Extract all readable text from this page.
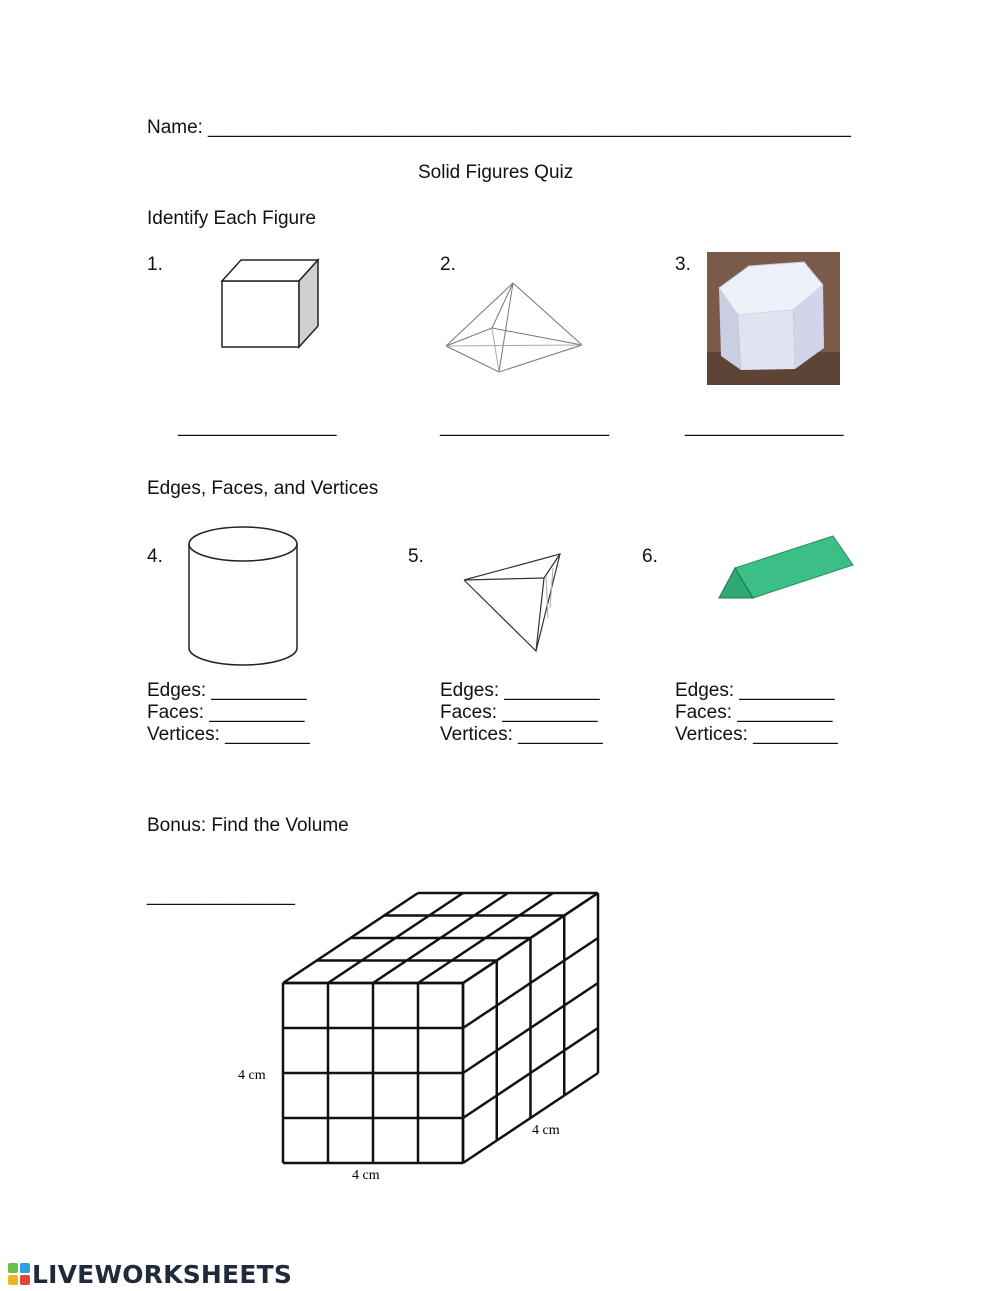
Name: ____________________________________________________________
Solid Figures Quiz
Identify Each Figure
1.	2.	3.
_______________	________________	_______________
Edges, Faces, and Vertices
4.	5.	6.
Edges: _________
Faces: _________
Vertices: ________
Edges: _________
Faces: _________
Vertices: ________
Edges: _________
Faces: _________
Vertices: ________
Bonus: Find the Volume
______________
4 cm
4 cm
4 cm
LIVEWORKSHEETS
